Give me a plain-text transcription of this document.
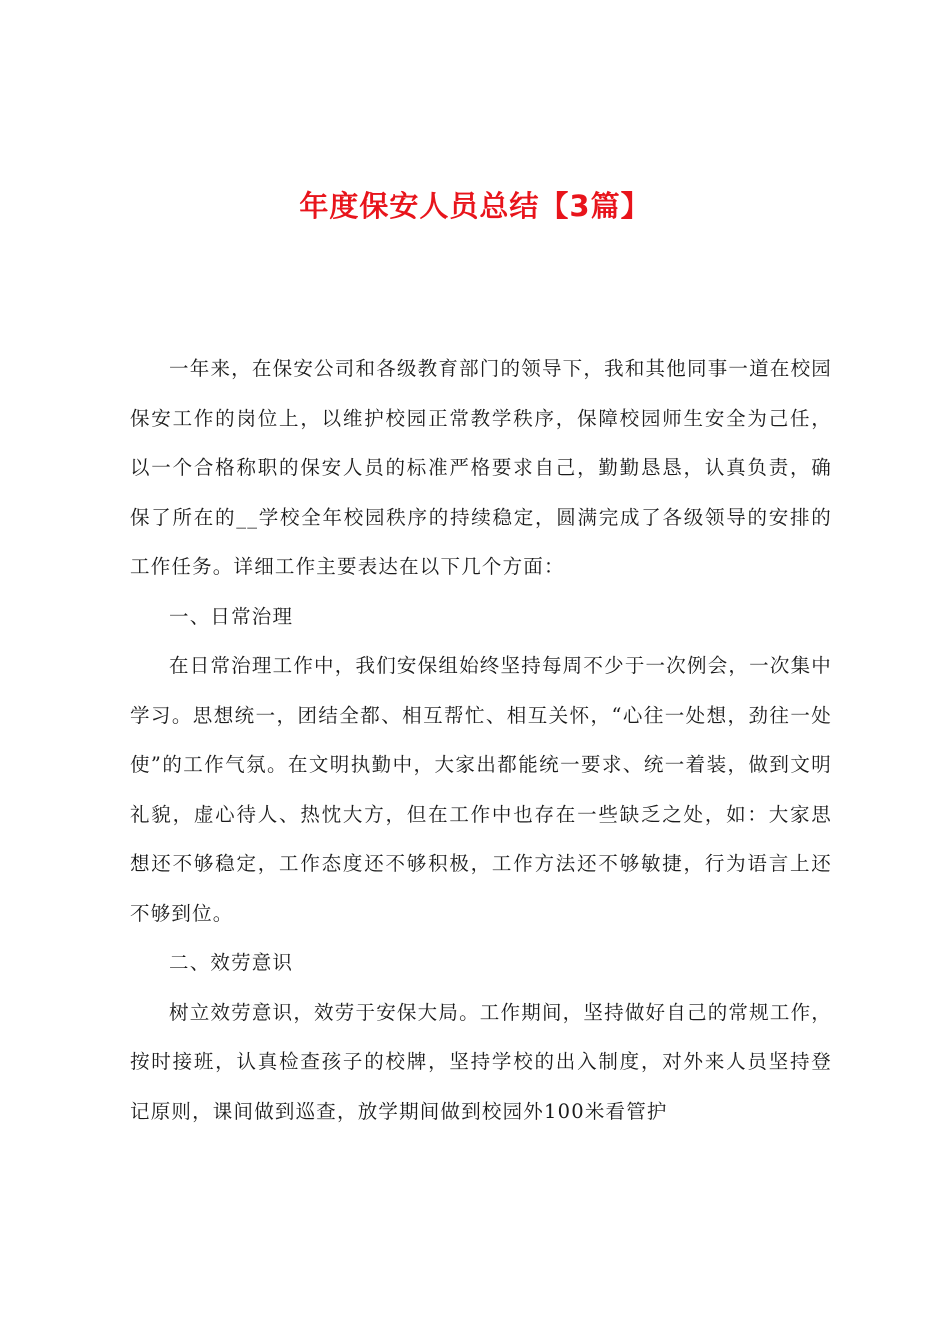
年度保安人员总结【3篇】

一年来，在保安公司和各级教育部门的领导下，我和其他同事一道在校园保安工作的岗位上，以维护校园正常教学秩序，保障校园师生安全为己任，以一个合格称职的保安人员的标准严格要求自己，勤勤恳恳，认真负责，确保了所在的__学校全年校园秩序的持续稳定，圆满完成了各级领导的安排的工作任务。详细工作主要表达在以下几个方面：

一、日常治理

在日常治理工作中，我们安保组始终坚持每周不少于一次例会，一次集中学习。思想统一，团结全都、相互帮忙、相互关怀，“心往一处想，劲往一处使”的工作气氛。在文明执勤中，大家出都能统一要求、统一着装，做到文明礼貌，虚心待人、热忱大方，但在工作中也存在一些缺乏之处，如：大家思想还不够稳定，工作态度还不够积极，工作方法还不够敏捷，行为语言上还不够到位。

二、效劳意识

树立效劳意识，效劳于安保大局。工作期间，坚持做好自己的常规工作，按时接班，认真检查孩子的校牌，坚持学校的出入制度，对外来人员坚持登记原则，课间做到巡查，放学期间做到校园外100米看管护
